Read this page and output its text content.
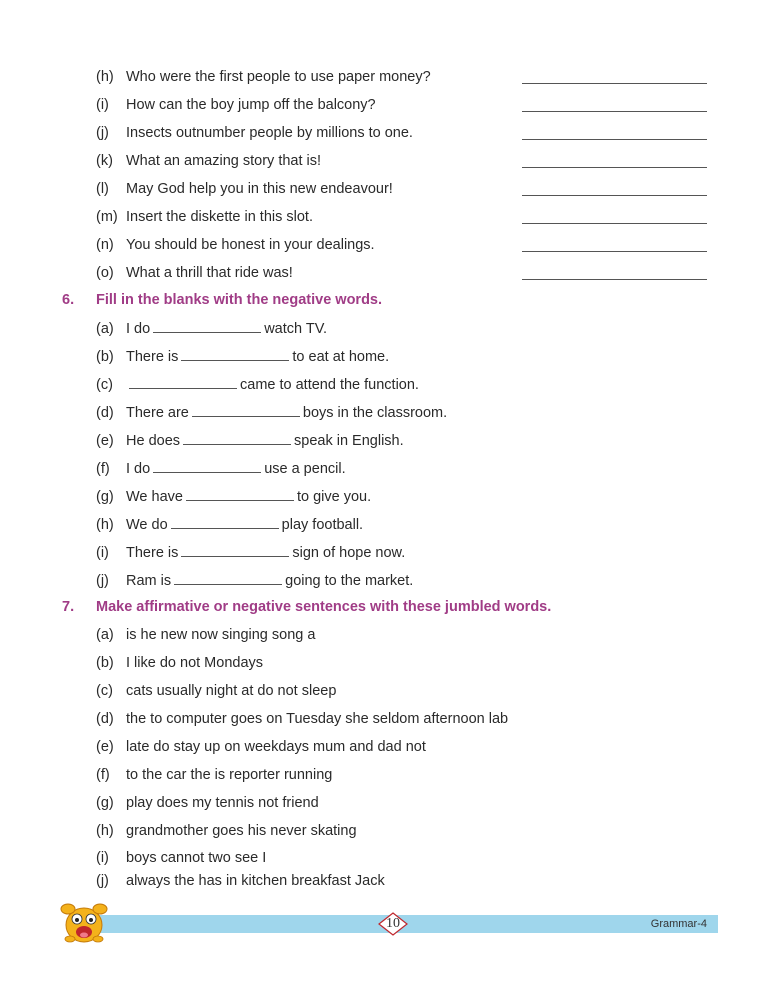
(h) Who were the first people to use paper money?
(i) How can the boy jump off the balcony?
(j) Insects outnumber people by millions to one.
(k) What an amazing story that is!
(l) May God help you in this new endeavour!
(m) Insert the diskette in this slot.
(n) You should be honest in your dealings.
(o) What a thrill that ride was!
6. Fill in the blanks with the negative words.
(a) I do	watch TV.
(b) There is	to eat at home.
(c)	came to attend the function.
(d) There are	boys in the classroom.
(e) He does	speak in English.
(f) I do	use a pencil.
(g) We have	to give you.
(h) We do	play football.
(i) There is	sign of hope now.
(j) Ram is	going to the market.
7. Make affirmative or negative sentences with these jumbled words.
(a) is he new now singing song a
(b) I like do not Mondays
(c) cats usually night at do not sleep
(d) the to computer goes on Tuesday she seldom afternoon lab
(e) late do stay up on weekdays mum and dad not
(f) to the car the is reporter running
(g) play does my tennis not friend
(h) grandmother goes his never skating
(i) boys cannot two see I
(j) always the has in kitchen breakfast Jack
10	Grammar-4
